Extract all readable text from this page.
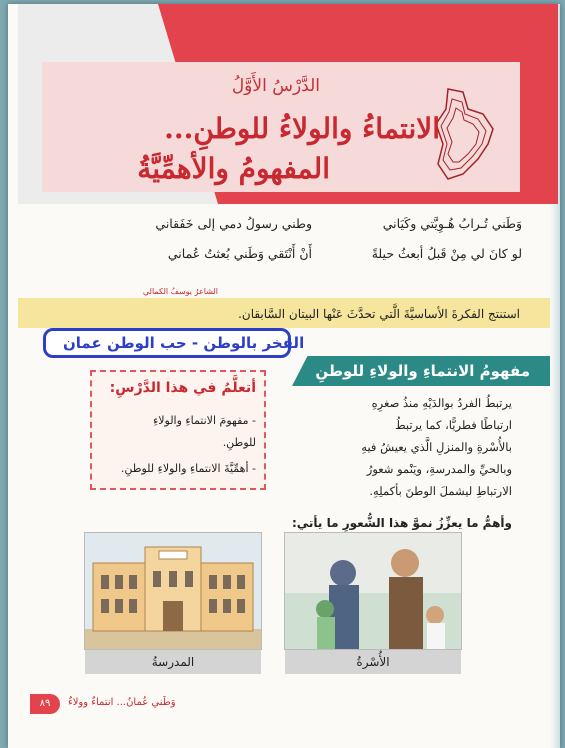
الدَّرْسُ الأَوَّلُ
الانتماءُ والولاءُ للوطنِ...
المفهومُ والأهمِّيَّةُ
وَطَني تُـرابُ هُـوِيَّتي وكَيَاني
وطني رسولُ دمي إلى خَفَقاني
لو كانَ لي مِنْ قَبلُ أبعثُ حيلةً
أَنْ أَنْتَقي وَطَني بُعثتُ عُماني
الشاعرُ يوسفُ الكمالي
استنتج الفكرةَ الأساسيَّةَ الَّتي تحدَّثَ عَنْها البيتان السَّابقان.
الفخر بالوطن - حب الوطن عمان
مفهومُ الانتماءِ والولاءِ للوطنِ
أتعلَّمُ في هذا الدَّرْسِ:
- مفهومَ الانتماءِ والولاءِ
للوطنِ.
- أهمِّيَّةَ الانتماءِ والولاءِ للوطنِ.
يرتبطُ الفردُ بوالدَيْهِ منذُ صغرِهِ
ارتباطًا فطريًّا، كما يرتبطُ
بالأُسْرةِ والمنزلِ الَّذي يعيشُ فيهِ
وبالحيِّ والمدرسةِ، ويَنْمو شعورُ
الارتباطِ ليشملَ الوطنَ بأكملِهِ.
وأهمُّ ما يعزِّزُ نموَّ هذا الشُّعورِ ما يأتي:
المدرسةُ	الأُسْرةُ
٨٩	وَطَني عُمانُ... انتماءٌ وولاءٌ
